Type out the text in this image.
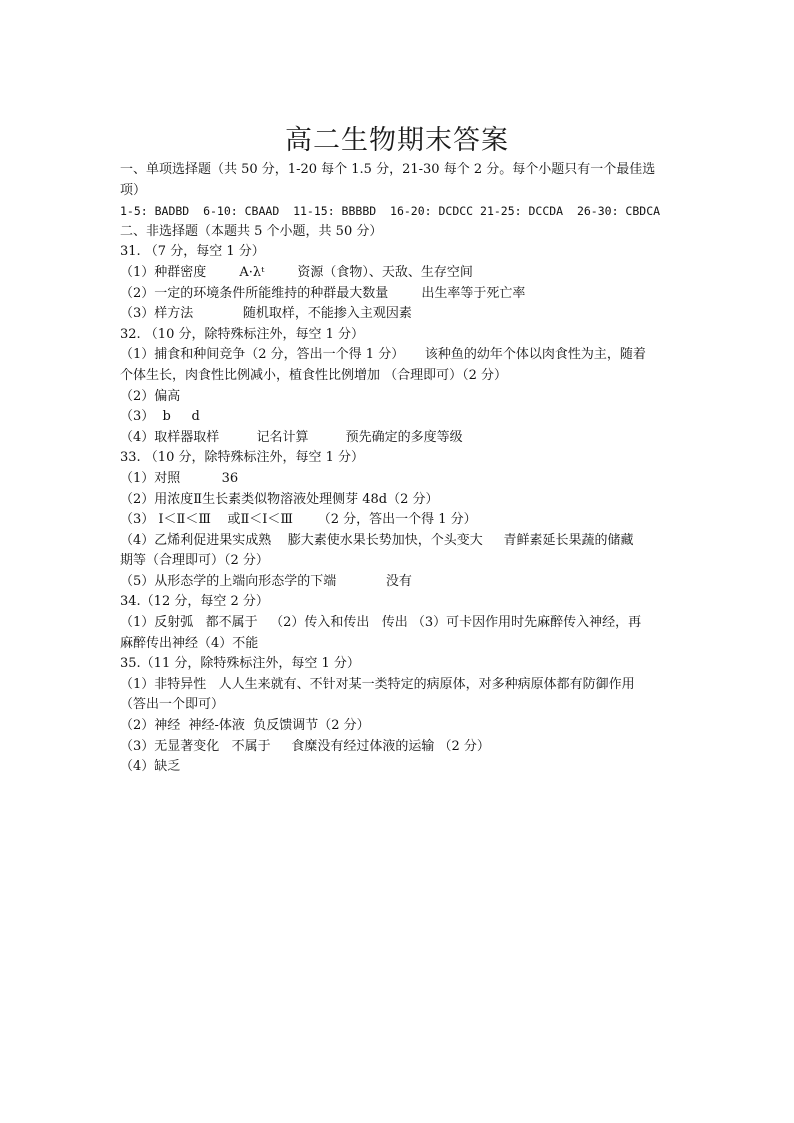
高二生物期末答案
一、单项选择题（共 50 分，1-20 每个 1.5 分，21-30 每个 2 分。每个小题只有一个最佳选
项）
1-5: BADBD  6-10: CBAAD  11-15: BBBBD  16-20: DCDCC 21-25: DCCDA  26-30: CBDCA
二、非选择题（本题共 5 个小题，共 50 分）
31. （7 分，每空 1 分）
（1）种群密度        A·λᵗ        资源（食物）、天敌、生存空间
（2）一定的环境条件所能维持的种群最大数量        出生率等于死亡率
（3）样方法            随机取样，不能掺入主观因素
32. （10 分，除特殊标注外，每空 1 分）
（1）捕食和种间竞争（2 分，答出一个得 1 分）     该种鱼的幼年个体以肉食性为主，随着
个体生长，肉食性比例减小，植食性比例增加 （合理即可）（2 分）
（2）偏高
（3）  b     d
（4）取样器取样         记名计算         预先确定的多度等级
33. （10 分，除特殊标注外，每空 1 分）
（1）对照          36
（2）用浓度Ⅱ生长素类似物溶液处理侧芽 48d（2 分）
（3） Ⅰ＜Ⅱ＜Ⅲ    或Ⅱ＜Ⅰ＜Ⅲ      （2 分，答出一个得 1 分）
（4）乙烯利促进果实成熟    膨大素使水果长势加快，个头变大     青鲜素延长果蔬的储藏
期等（合理即可）（2 分）
（5）从形态学的上端向形态学的下端            没有
34.（12 分，每空 2 分）
（1）反射弧   都不属于   （2）传入和传出   传出 （3）可卡因作用时先麻醉传入神经，再
麻醉传出神经（4）不能
35.（11 分，除特殊标注外，每空 1 分）
（1）非特异性   人人生来就有、不针对某一类特定的病原体，对多种病原体都有防御作用
（答出一个即可）
（2）神经  神经-体液  负反馈调节（2 分）
（3）无显著变化   不属于     食糜没有经过体液的运输 （2 分）
（4）缺乏
